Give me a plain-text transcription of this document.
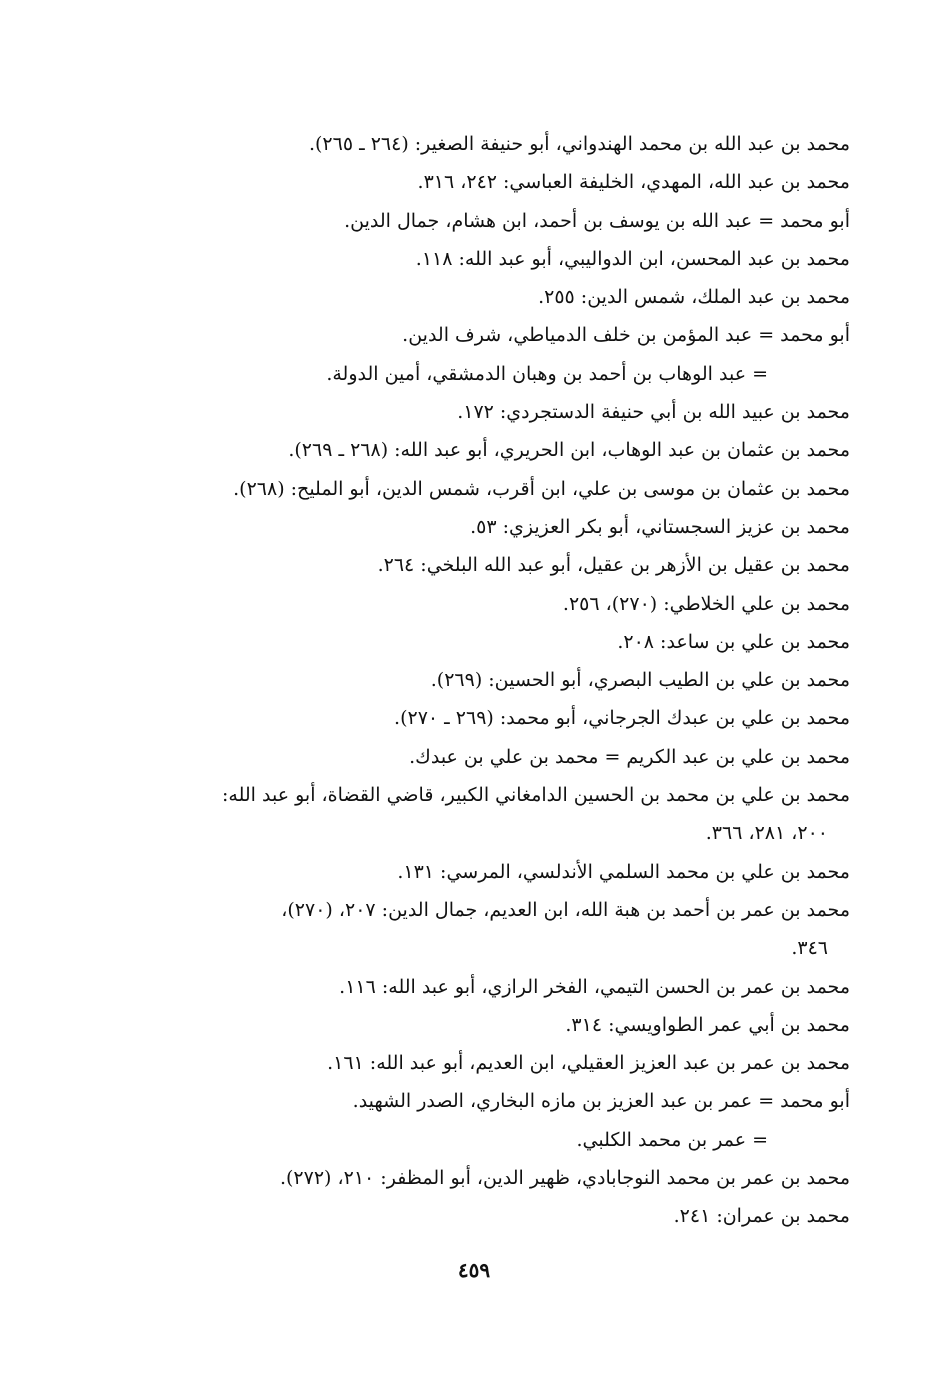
محمد بن عبد الله بن محمد الهندواني، أبو حنيفة الصغير: (٢٦٤ ـ ٢٦٥).
محمد بن عبد الله، المهدي، الخليفة العباسي: ٢٤٢، ٣١٦.
أبو محمد = عبد الله بن يوسف بن أحمد، ابن هشام، جمال الدين.
محمد بن عبد المحسن، ابن الدواليبي، أبو عبد الله: ١١٨.
محمد بن عبد الملك، شمس الدين: ٢٥٥.
أبو محمد = عبد المؤمن بن خلف الدمياطي، شرف الدين.
= عبد الوهاب بن أحمد بن وهبان الدمشقي، أمين الدولة.
محمد بن عبيد الله بن أبي حنيفة الدستجردي: ١٧٢.
محمد بن عثمان بن عبد الوهاب، ابن الحريري، أبو عبد الله: (٢٦٨ ـ ٢٦٩).
محمد بن عثمان بن موسى بن علي، ابن أقرب، شمس الدين، أبو المليح: (٢٦٨).
محمد بن عزيز السجستاني، أبو بكر العزيزي: ٥٣.
محمد بن عقيل بن الأزهر بن عقيل، أبو عبد الله البلخي: ٢٦٤.
محمد بن علي الخلاطي: (٢٧٠)، ٢٥٦.
محمد بن علي بن ساعد: ٢٠٨.
محمد بن علي بن الطيب البصري، أبو الحسين: (٢٦٩).
محمد بن علي بن عبدك الجرجاني، أبو محمد: (٢٦٩ ـ ٢٧٠).
محمد بن علي بن عبد الكريم = محمد بن علي بن عبدك.
محمد بن علي بن محمد بن الحسين الدامغاني الكبير، قاضي القضاة، أبو عبد الله:
٢٠٠، ٢٨١، ٣٦٦.
محمد بن علي بن محمد السلمي الأندلسي، المرسي: ١٣١.
محمد بن عمر بن أحمد بن هبة الله، ابن العديم، جمال الدين: ٢٠٧، (٢٧٠)،
٣٤٦.
محمد بن عمر بن الحسن التيمي، الفخر الرازي، أبو عبد الله: ١١٦.
محمد بن أبي عمر الطواويسي: ٣١٤.
محمد بن عمر بن عبد العزيز العقيلي، ابن العديم، أبو عبد الله: ١٦١.
أبو محمد = عمر بن عبد العزيز بن مازه البخاري، الصدر الشهيد.
= عمر بن محمد الكلبي.
محمد بن عمر بن محمد النوجابادي، ظهير الدين، أبو المظفر: ٢١٠، (٢٧٢).
محمد بن عمران: ٢٤١.
٤٥٩
